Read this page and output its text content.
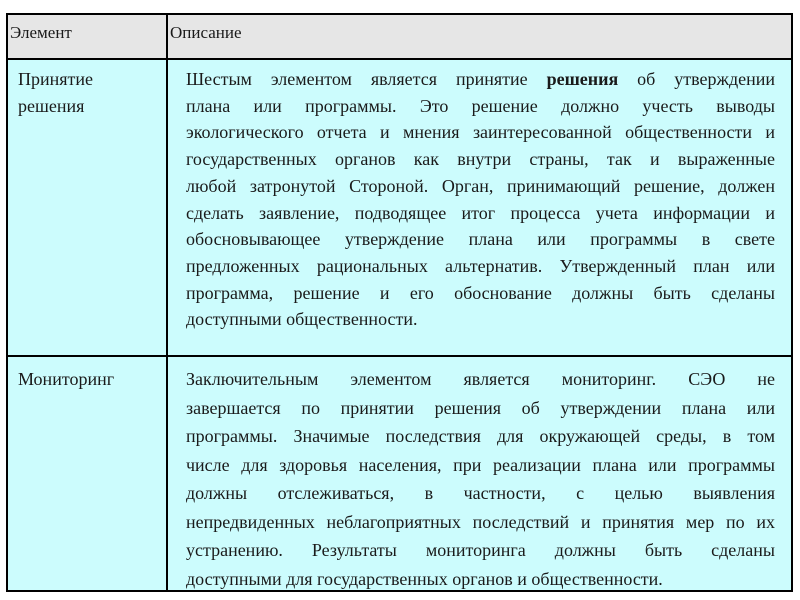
Элемент	Описание
Принятие
решения
Шестым элементом является принятие решения об утверждении
плана или программы. Это решение должно учесть выводы
экологического отчета и мнения заинтересованной общественности и
государственных органов как внутри страны, так и выраженные
любой затронутой Стороной. Орган, принимающий решение, должен
сделать заявление, подводящее итог процесса учета информации и
обосновывающее утверждение плана или программы в свете
предложенных рациональных альтернатив. Утвержденный план или
программа, решение и его обоснование должны быть сделаны
доступными общественности.
Мониторинг	Заключительным элементом является мониторинг. СЭО не
завершается по принятии решения об утверждении плана или
программы. Значимые последствия для окружающей среды, в том
числе для здоровья населения, при реализации плана или программы
должны отслеживаться, в частности, с целью выявления
непредвиденных неблагоприятных последствий и принятия мер по их
устранению. Результаты мониторинга должны быть сделаны
доступными для государственных органов и общественности.
